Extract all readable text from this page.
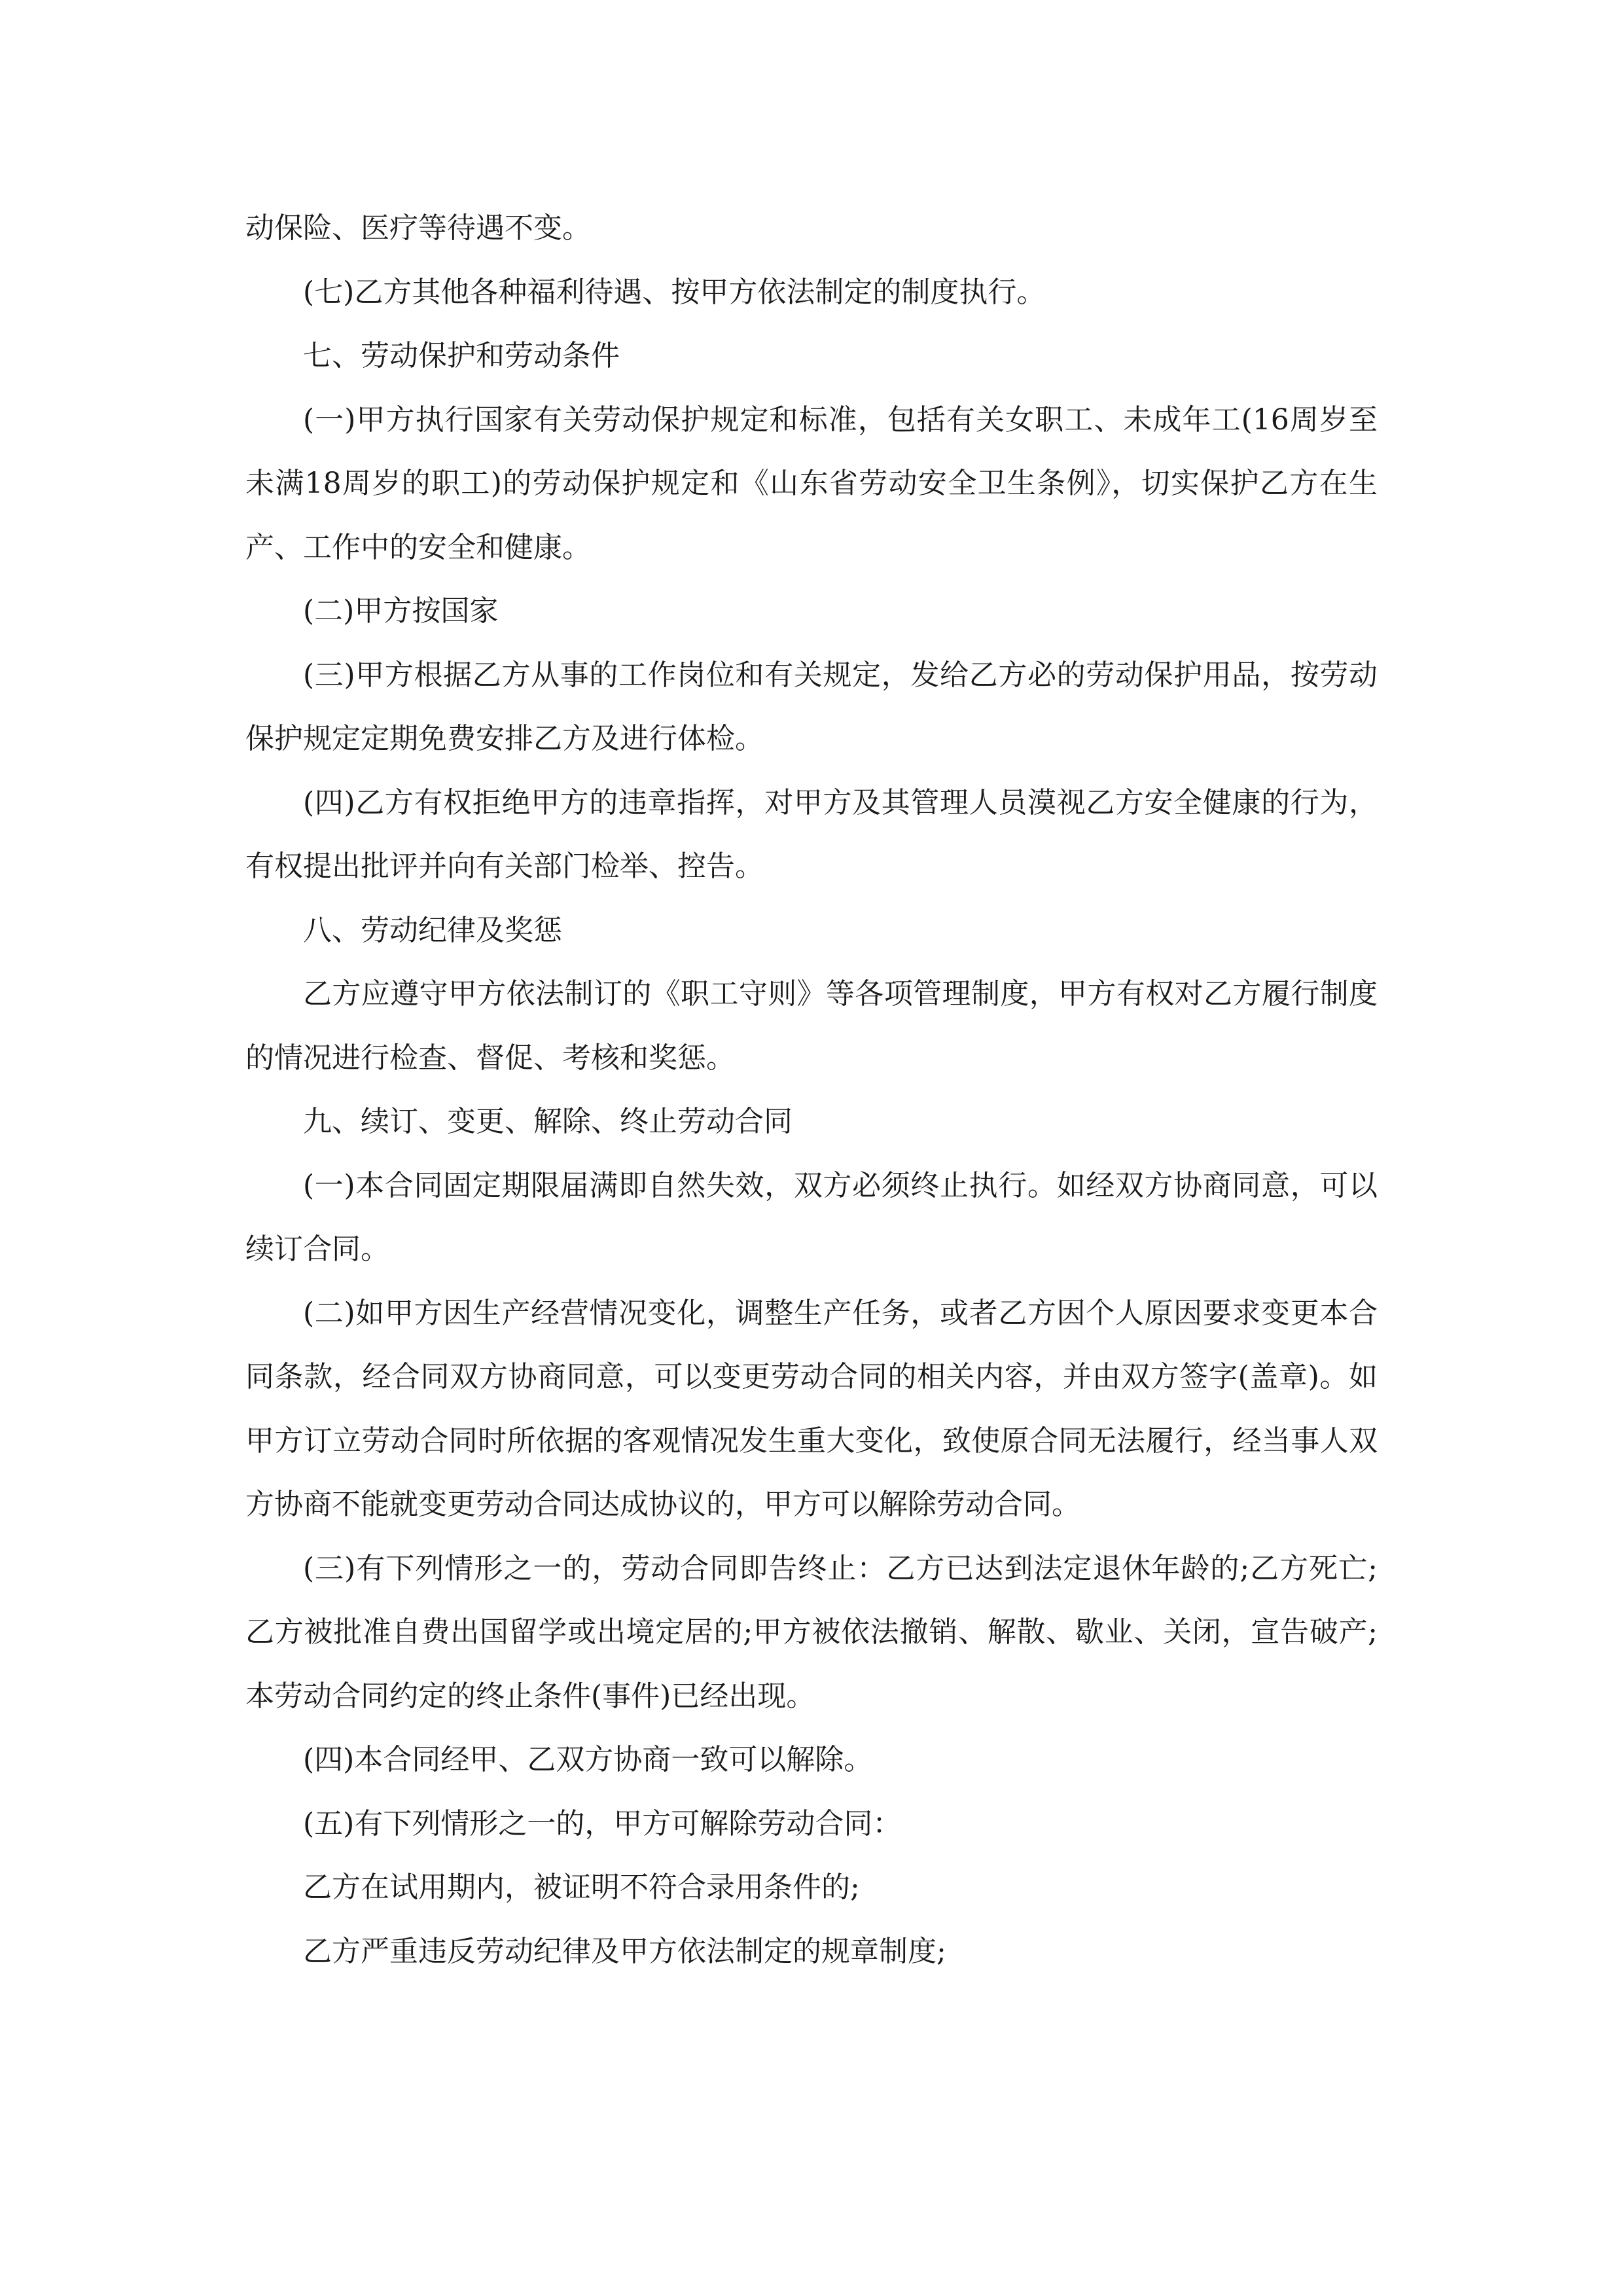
动保险、医疗等待遇不变。

(七)乙方其他各种福利待遇、按甲方依法制定的制度执行。

七、劳动保护和劳动条件

(一)甲方执行国家有关劳动保护规定和标准，包括有关女职工、未成年工(16周岁至未满18周岁的职工)的劳动保护规定和《山东省劳动安全卫生条例》，切实保护乙方在生产、工作中的安全和健康。

(二)甲方按国家

(三)甲方根据乙方从事的工作岗位和有关规定，发给乙方必的劳动保护用品，按劳动保护规定定期免费安排乙方及进行体检。

(四)乙方有权拒绝甲方的违章指挥，对甲方及其管理人员漠视乙方安全健康的行为，有权提出批评并向有关部门检举、控告。

八、劳动纪律及奖惩

乙方应遵守甲方依法制订的《职工守则》等各项管理制度，甲方有权对乙方履行制度的情况进行检查、督促、考核和奖惩。

九、续订、变更、解除、终止劳动合同

(一)本合同固定期限届满即自然失效，双方必须终止执行。如经双方协商同意，可以续订合同。

(二)如甲方因生产经营情况变化，调整生产任务，或者乙方因个人原因要求变更本合同条款，经合同双方协商同意，可以变更劳动合同的相关内容，并由双方签字(盖章)。如甲方订立劳动合同时所依据的客观情况发生重大变化，致使原合同无法履行，经当事人双方协商不能就变更劳动合同达成协议的，甲方可以解除劳动合同。

(三)有下列情形之一的，劳动合同即告终止：乙方已达到法定退休年龄的;乙方死亡;乙方被批准自费出国留学或出境定居的;甲方被依法撤销、解散、歇业、关闭，宣告破产;本劳动合同约定的终止条件(事件)已经出现。

(四)本合同经甲、乙双方协商一致可以解除。

(五)有下列情形之一的，甲方可解除劳动合同：

乙方在试用期内，被证明不符合录用条件的;

乙方严重违反劳动纪律及甲方依法制定的规章制度;
